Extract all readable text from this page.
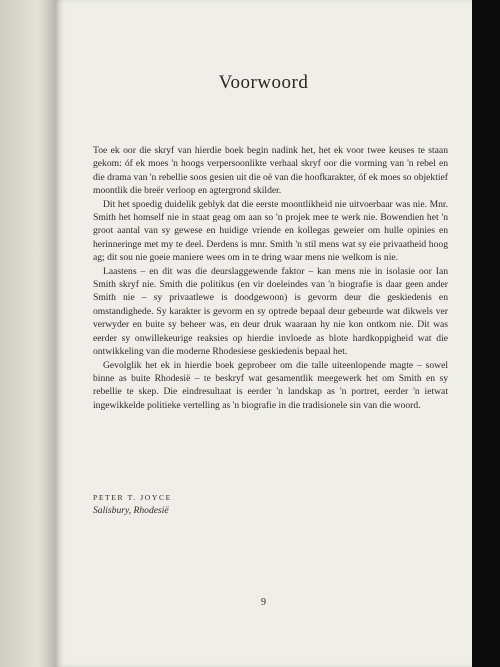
Voorwoord

Toe ek oor die skryf van hierdie boek begin nadink het, het ek voor twee keuses te staan gekom: óf ek moes 'n hoogs verpersoonlikte verhaal skryf oor die vorming van 'n rebel en die drama van 'n rebellie soos gesien uit die oë van die hoofkarakter, óf ek moes so objektief moontlik die breër verloop en agtergrond skilder.

Dit het spoedig duidelik geblyk dat die eerste moontlikheid nie uitvoerbaar was nie. Mnr. Smith het homself nie in staat geag om aan so 'n projek mee te werk nie. Bowendien het 'n groot aantal van sy gewese en huidige vriende en kollegas geweier om hulle opinies en herinneringe met my te deel. Derdens is mnr. Smith 'n stil mens wat sy eie privaatheid hoog ag; dit sou nie goeie maniere wees om in te dring waar mens nie welkom is nie.

Laastens – en dit was die deurslaggewende faktor – kan mens nie in isolasie oor Ian Smith skryf nie. Smith die politikus (en vir doeleindes van 'n biografie is daar geen ander Smith nie – sy privaatlewe is doodgewoon) is gevorm deur die geskiedenis en omstandighede. Sy karakter is gevorm en sy optrede bepaal deur gebeurde wat dikwels ver verwyder en buite sy beheer was, en deur druk waaraan hy nie kon ontkom nie. Dit was eerder sy onwillekeurige reaksies op hierdie invloede as blote hardkoppigheid wat die ontwikkeling van die moderne Rhodesiese geskiedenis bepaal het.

Gevolglik het ek in hierdie boek geprobeer om die talle uiteenlopende magte – sowel binne as buite Rhodesië – te beskryf wat gesamentlik meegewerk het om Smith en sy rebellie te skep. Die eindresultaat is eerder 'n landskap as 'n portret, eerder 'n ietwat ingewikkelde politieke vertelling as 'n biografie in die tradisionele sin van die woord.

PETER T. JOYCE
Salisbury, Rhodesië
9
